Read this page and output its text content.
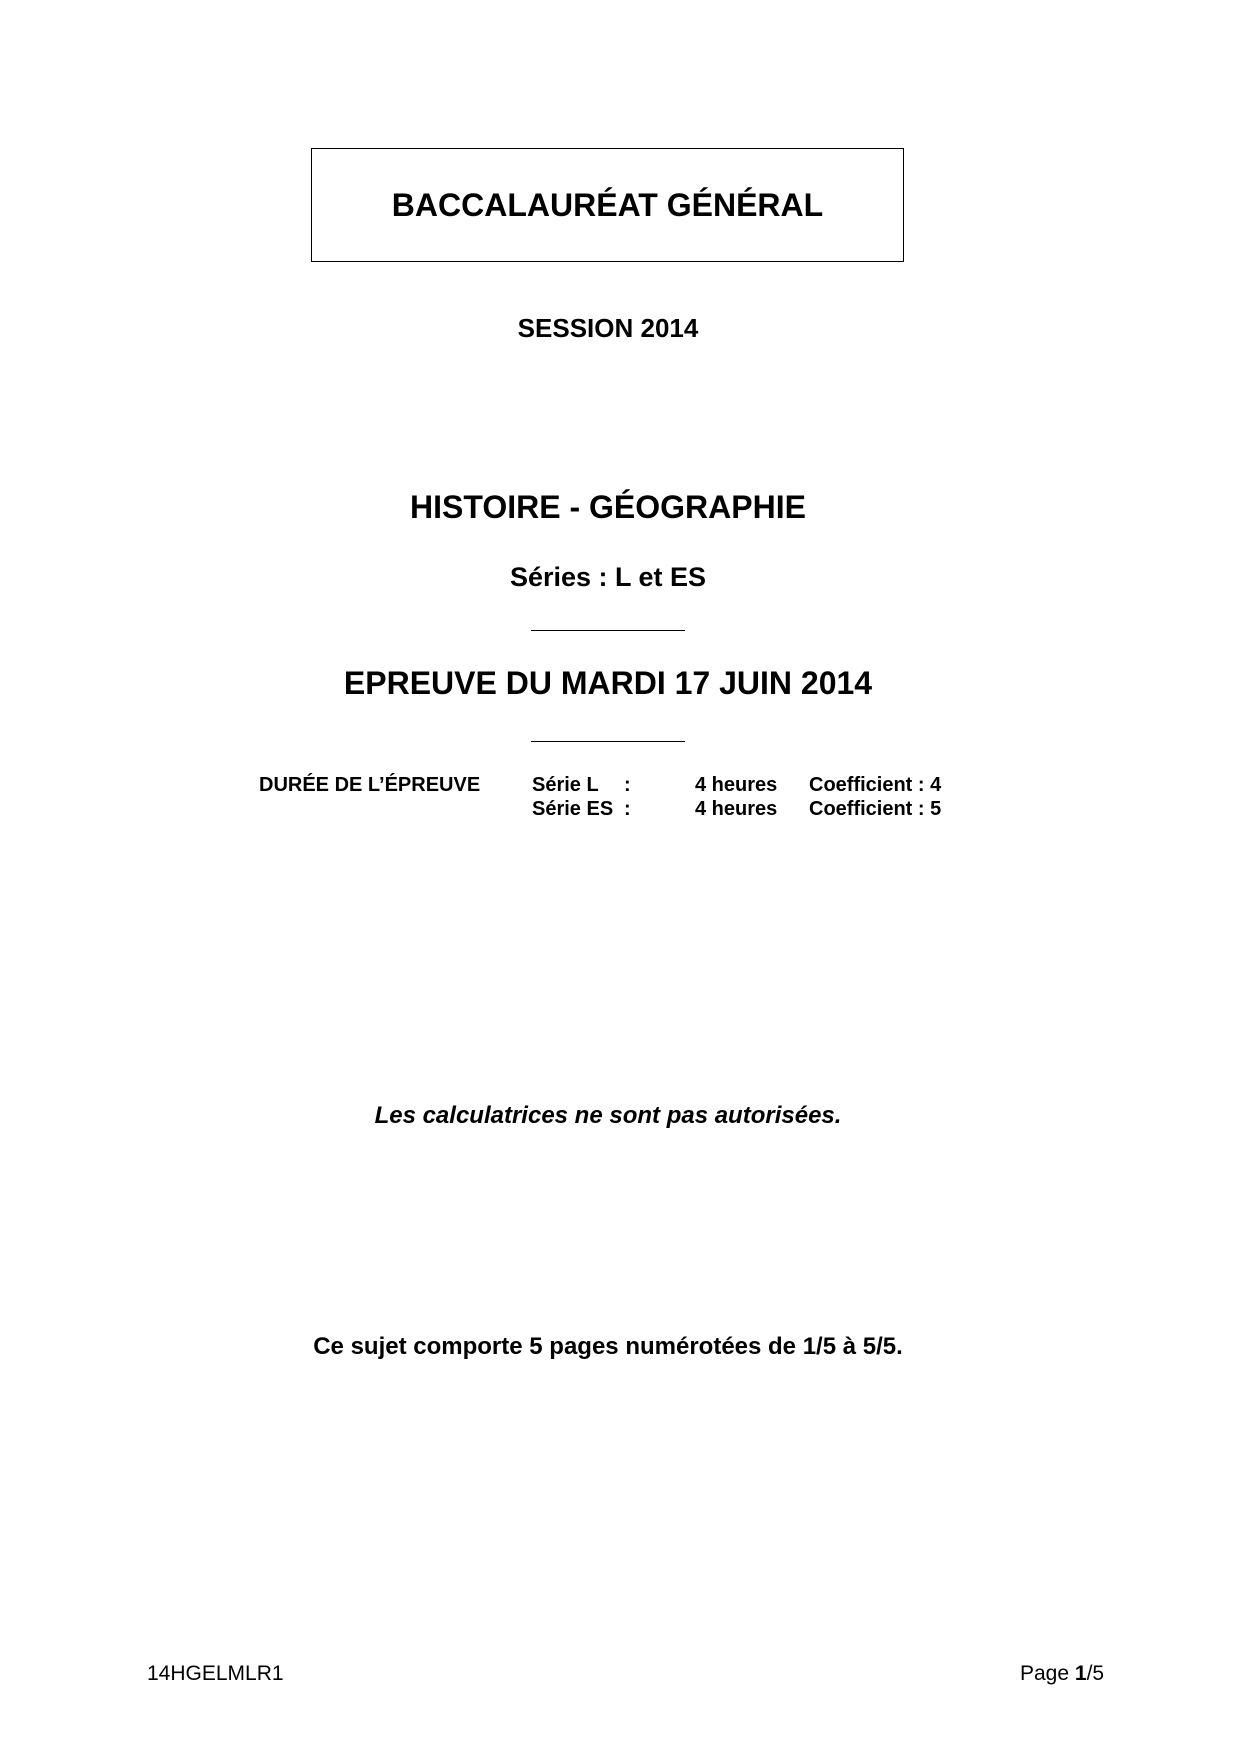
BACCALAURÉAT GÉNÉRAL
SESSION 2014
HISTOIRE - GÉOGRAPHIE
Séries : L et ES
EPREUVE DU MARDI 17 JUIN 2014
DURÉE DE L’ÉPREUVE	Série L :	4 heures Coefficient : 4
Série ES :	4 heures Coefficient : 5
Les calculatrices ne sont pas autorisées.
Ce sujet comporte 5 pages numérotées de 1/5 à 5/5.
14HGELMLR1	Page 1/5
